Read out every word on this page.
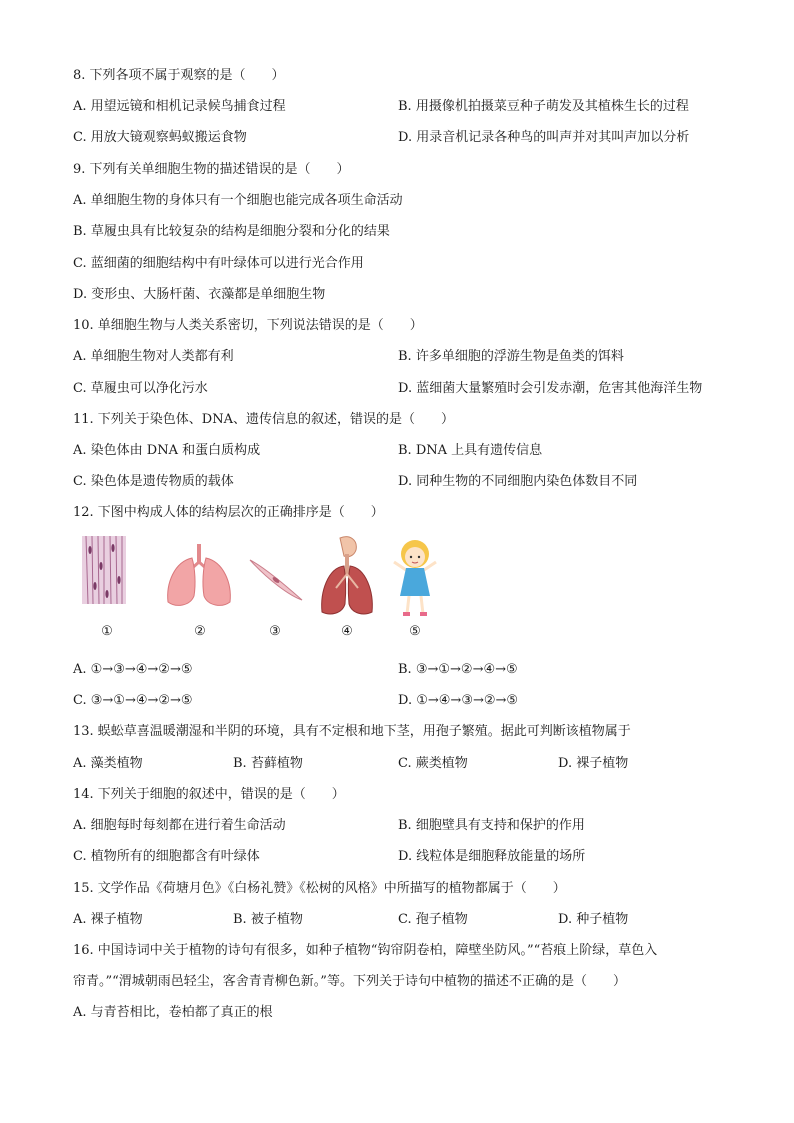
8. 下列各项不属于观察的是（　　）
A. 用望远镜和相机记录候鸟捕食过程	B. 用摄像机拍摄菜豆种子萌发及其植株生长的过程
C. 用放大镜观察蚂蚁搬运食物	D. 用录音机记录各种鸟的叫声并对其叫声加以分析
9. 下列有关单细胞生物的描述错误的是（　　）
A. 单细胞生物的身体只有一个细胞也能完成各项生命活动
B. 草履虫具有比较复杂的结构是细胞分裂和分化的结果
C. 蓝细菌的细胞结构中有叶绿体可以进行光合作用
D. 变形虫、大肠杆菌、衣藻都是单细胞生物
10. 单细胞生物与人类关系密切，下列说法错误的是（　　）
A. 单细胞生物对人类都有利	B. 许多单细胞的浮游生物是鱼类的饵料
C. 草履虫可以净化污水	D. 蓝细菌大量繁殖时会引发赤潮，危害其他海洋生物
11. 下列关于染色体、DNA、遗传信息的叙述，错误的是（　　）
A. 染色体由 DNA 和蛋白质构成	B. DNA 上具有遗传信息
C. 染色体是遗传物质的载体	D. 同种生物的不同细胞内染色体数目不同
12. 下图中构成人体的结构层次的正确排序是（　　）
①	②	③	④	⑤
A. ①→③→④→②→⑤	B. ③→①→②→④→⑤
C. ③→①→④→②→⑤	D. ①→④→③→②→⑤
13. 蜈蚣草喜温暖潮湿和半阴的环境，具有不定根和地下茎，用孢子繁殖。据此可判断该植物属于
A. 藻类植物	B. 苔藓植物	C. 蕨类植物	D. 裸子植物
14. 下列关于细胞的叙述中，错误的是（　　）
A. 细胞每时每刻都在进行着生命活动	B. 细胞壁具有支持和保护的作用
C. 植物所有的细胞都含有叶绿体	D. 线粒体是细胞释放能量的场所
15. 文学作品《荷塘月色》《白杨礼赞》《松树的风格》中所描写的植物都属于（　　）
A. 裸子植物	B. 被子植物	C. 孢子植物	D. 种子植物
16. 中国诗词中关于植物的诗句有很多，如种子植物“钩帘阴卷柏，障壁坐防风。”“苔痕上阶绿，草色入
帘青。”“渭城朝雨邑轻尘，客舍青青柳色新。”等。下列关于诗句中植物的描述不正确的是（　　）
A. 与青苔相比，卷柏都了真正的根
